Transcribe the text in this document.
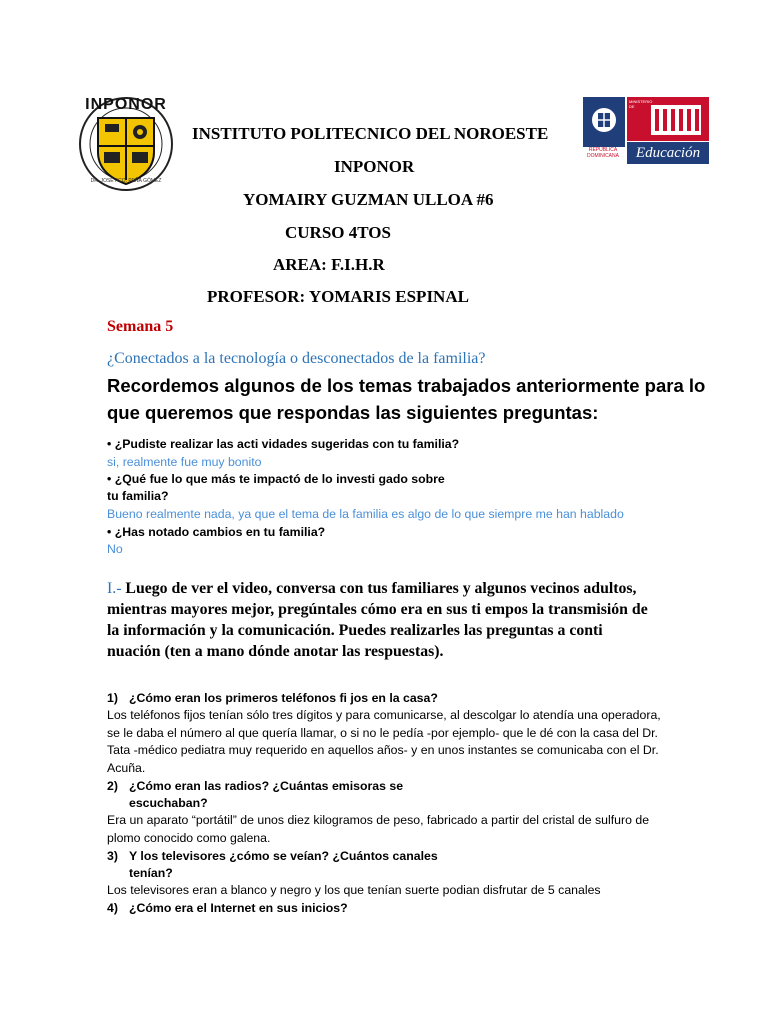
INPONOR
DR. JOSÉ FCO. PEÑA GÓMEZ
REPÚBLICA
DOMINICANA
MINISTERIO DE
Educación
INSTITUTO POLITECNICO DEL NOROESTE
INPONOR
YOMAIRY GUZMAN ULLOA #6
CURSO 4TOS
AREA: F.I.H.R
PROFESOR: YOMARIS ESPINAL
Semana 5
¿Conectados a la tecnología o desconectados de la familia?
Recordemos algunos de los temas trabajados anteriormente para lo que queremos que respondas las siguientes preguntas:
• ¿Pudiste realizar las acti vidades sugeridas con tu familia?
si, realmente fue muy bonito
• ¿Qué fue lo que más te impactó de lo investi gado sobre
tu familia?
Bueno realmente nada, ya que el tema de la familia es algo de lo que siempre me han hablado
• ¿Has notado cambios en tu familia?
No
I.- Luego de ver el video, conversa con tus familiares y algunos vecinos adultos, mientras mayores mejor, pregúntales cómo era en sus ti empos la transmisión de la información y la comunicación. Puedes realizarles las preguntas a conti nuación (ten a mano dónde anotar las respuestas).
1) ¿Cómo eran los primeros teléfonos fi jos en la casa?
Los teléfonos fijos tenían sólo tres dígitos y para comunicarse, al descolgar lo atendía una operadora, se le daba el número al que quería llamar, o si no le pedía -por ejemplo- que le dé con la casa del Dr. Tata -médico pediatra muy requerido en aquellos años- y en unos instantes se comunicaba con el Dr. Acuña.
2) ¿Cómo eran las radios? ¿Cuántas emisoras se
escuchaban?
Era un aparato “portátil” de unos diez kilogramos de peso, fabricado a partir del cristal de sulfuro de plomo conocido como galena.
3) Y los televisores ¿cómo se veían? ¿Cuántos canales
tenían?
Los televisores eran a blanco y negro y los que tenían suerte podian disfrutar de 5 canales
4) ¿Cómo era el Internet en sus inicios?
